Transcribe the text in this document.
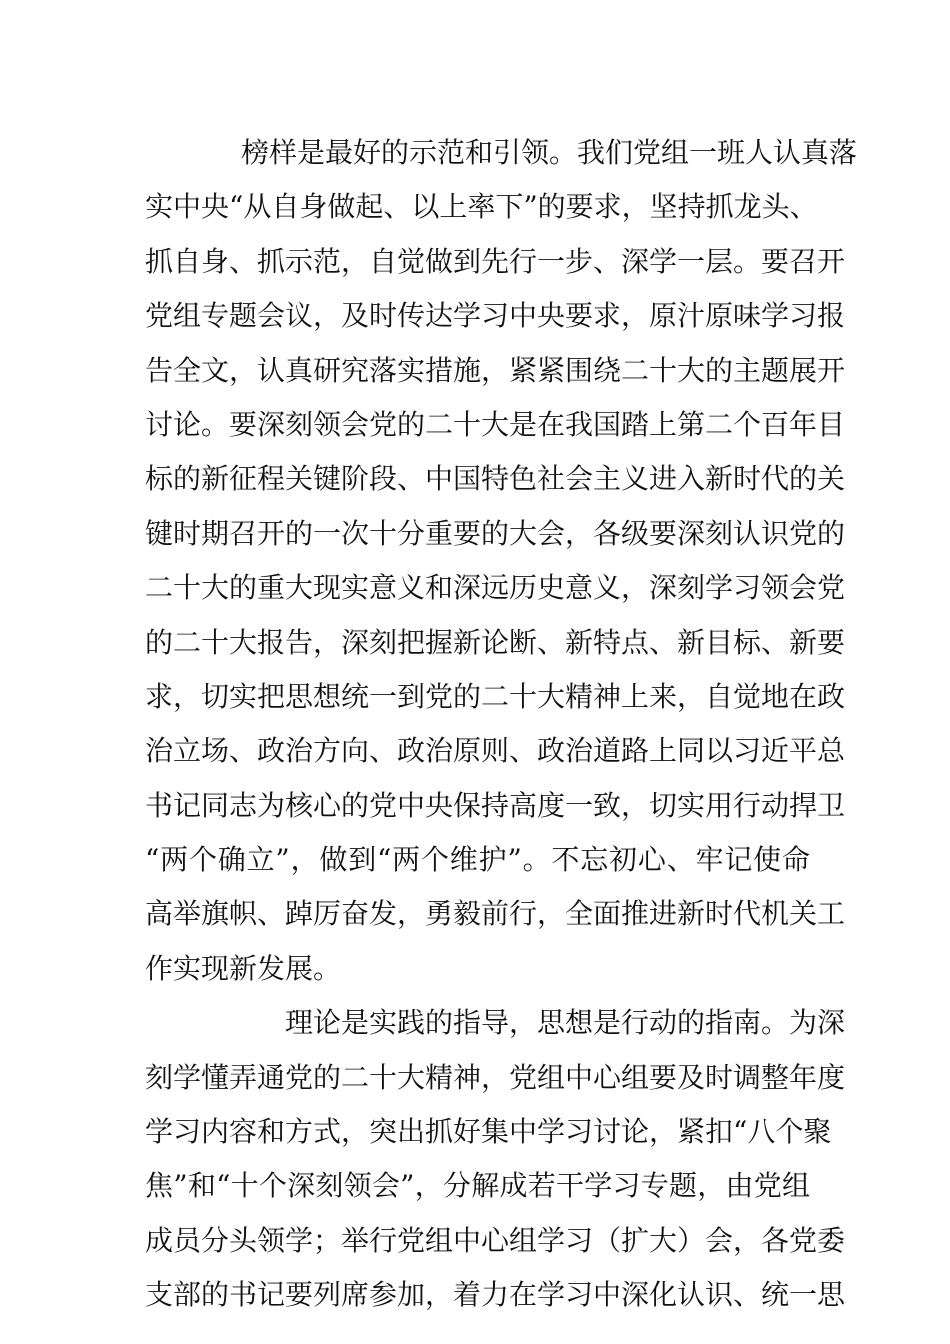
榜样是最好的示范和引领。我们党组一班人认真落
实中央“从自身做起、以上率下”的要求，坚持抓龙头、
抓自身、抓示范，自觉做到先行一步、深学一层。要召开
党组专题会议，及时传达学习中央要求，原汁原味学习报
告全文，认真研究落实措施，紧紧围绕二十大的主题展开
讨论。要深刻领会党的二十大是在我国踏上第二个百年目
标的新征程关键阶段、中国特色社会主义进入新时代的关
键时期召开的一次十分重要的大会，各级要深刻认识党的
二十大的重大现实意义和深远历史意义，深刻学习领会党
的二十大报告，深刻把握新论断、新特点、新目标、新要
求，切实把思想统一到党的二十大精神上来，自觉地在政
治立场、政治方向、政治原则、政治道路上同以习近平总
书记同志为核心的党中央保持高度一致，切实用行动捍卫
“两个确立”，做到“两个维护”。不忘初心、牢记使命
高举旗帜、踔厉奋发，勇毅前行，全面推进新时代机关工
作实现新发展。
理论是实践的指导，思想是行动的指南。为深
刻学懂弄通党的二十大精神，党组中心组要及时调整年度
学习内容和方式，突出抓好集中学习讨论，紧扣“八个聚
焦”和“十个深刻领会”，分解成若干学习专题，由党组
成员分头领学；举行党组中心组学习（扩大）会，各党委
支部的书记要列席参加，着力在学习中深化认识、统一思
